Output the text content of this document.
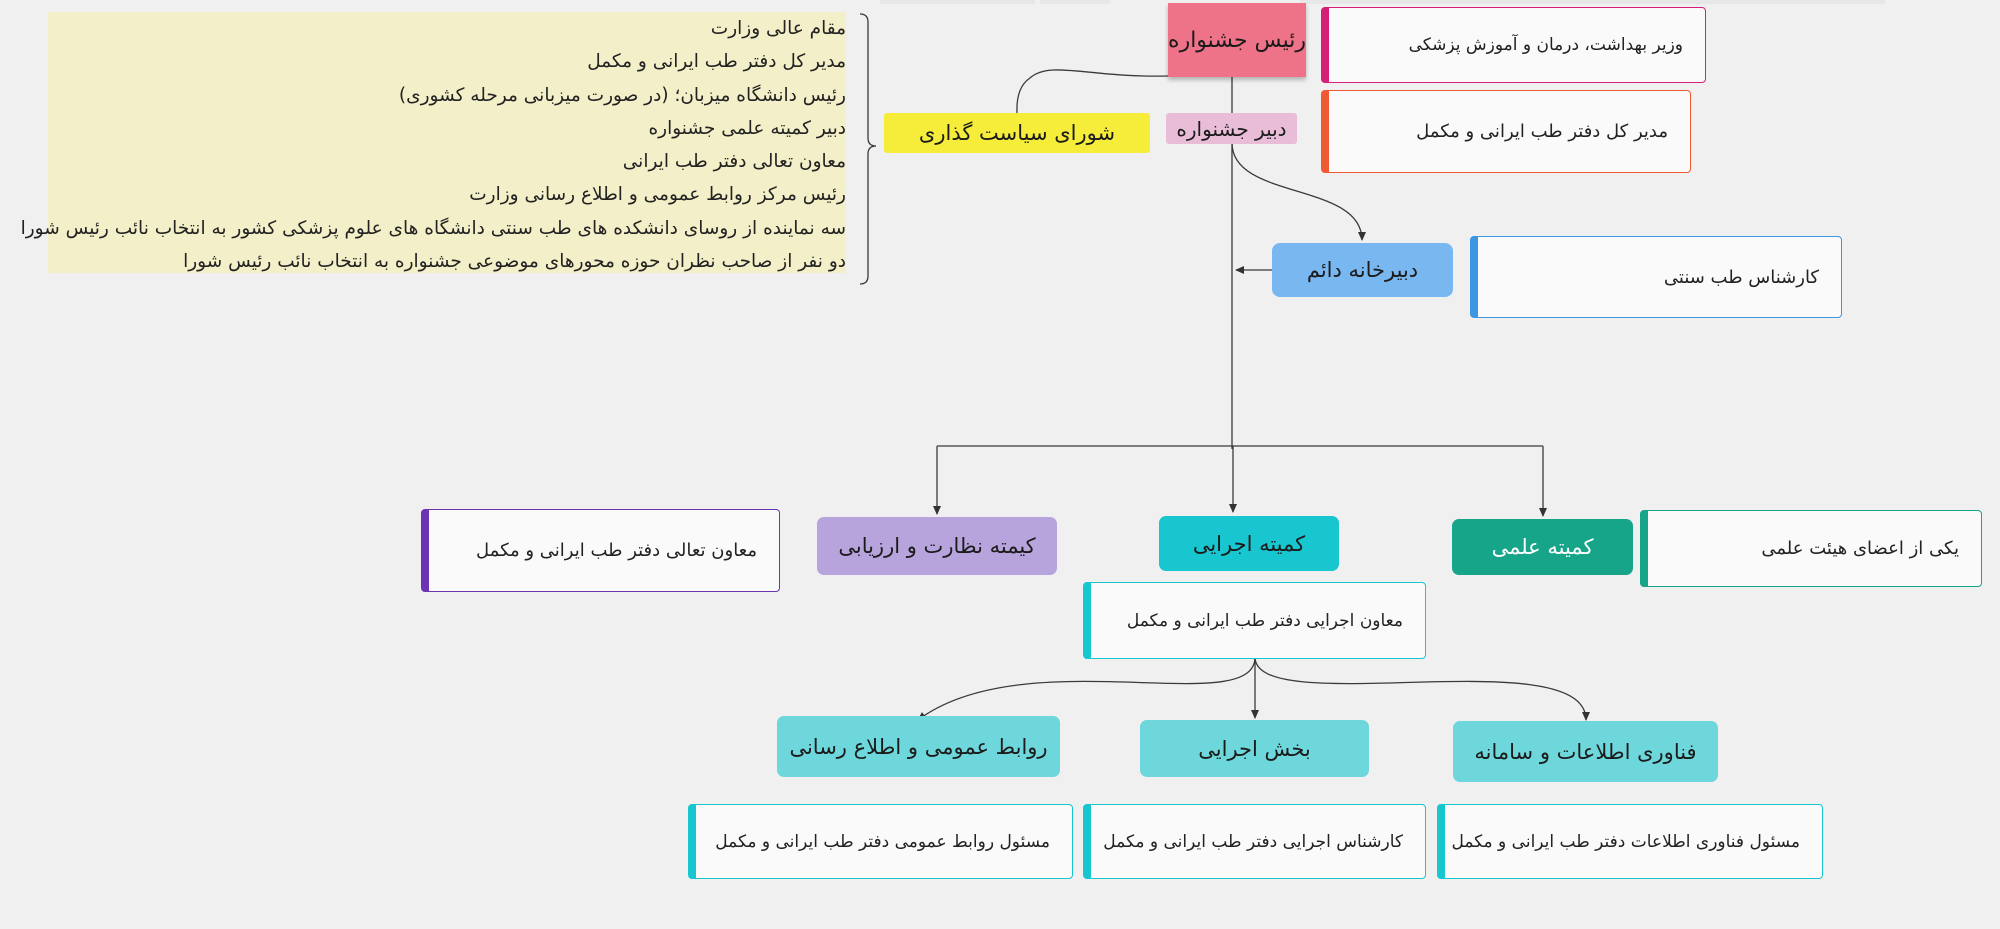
مقام عالی وزارت
مدیر کل دفتر طب ایرانی و مکمل
رئیس دانشگاه میزبان؛ (در صورت میزبانی مرحله کشوری)
دبیر کمیته علمی جشنواره
معاون تعالی دفتر طب ایرانی
رئیس مرکز روابط عمومی و اطلاع رسانی وزارت
سه نماینده از روسای دانشکده های طب سنتی دانشگاه های علوم پزشکی کشور به انتخاب نائب رئیس شورا
دو نفر از صاحب نظران حوزه محورهای موضوعی جشنواره به انتخاب نائب رئیس شورا
رئیس جشنواره
دبیر جشنواره
شورای سیاست گذاری
دبیرخانه دائم
کمیته علمی
کمیته اجرایی
کیمته نظارت و ارزیابی
فناوری اطلاعات و سامانه
بخش اجرایی
روابط عمومی و اطلاع رسانی
وزیر بهداشت، درمان و آموزش پزشکی
مدیر کل دفتر طب ایرانی و مکمل
کارشناس طب سنتی
یکی از اعضای هیئت علمی
معاون اجرایی دفتر طب ایرانی و مکمل
معاون تعالی دفتر طب ایرانی و مکمل
مسئول فناوری اطلاعات دفتر طب ایرانی و مکمل
کارشناس اجرایی دفتر طب ایرانی و مکمل
مسئول روابط عمومی دفتر طب ایرانی و مکمل
